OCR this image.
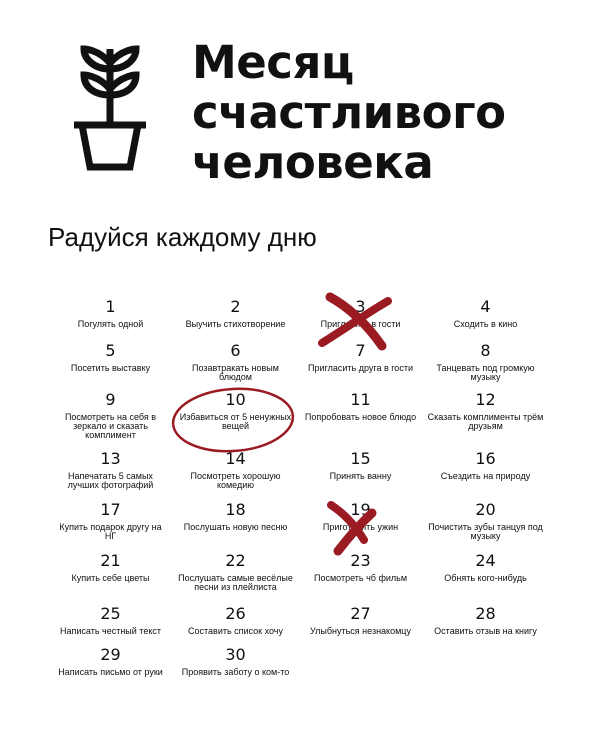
Месяц
счастливого
человека
Радуйся каждому дню
1
Погулять одной
2
Выучить стихотворение
3
Пригласить в гости
4
Сходить в кино
5
Посетить выставку
6
Позавтракать новым блюдом
7
Пригласить друга в гости
8
Танцевать под громкую музыку
9
Посмотреть на себя в зеркало и сказать комплимент
10
Избавиться от 5 ненужных вещей
11
Попробовать новое блюдо
12
Сказать комплименты трём друзьям
13
Напечатать 5 самых лучших фотографий
14
Посмотреть хорошую комедию
15
Принять ванну
16
Съездить на природу
17
Купить подарок другу на НГ
18
Послушать новую песню
19
Приготовить ужин
20
Почистить зубы танцуя под музыку
21
Купить себе цветы
22
Послушать самые весёлые песни из плейлиста
23
Посмотреть чб фильм
24
Обнять кого-нибудь
25
Написать честный текст
26
Составить список хочу
27
Улыбнуться незнакомцу
28
Оставить отзыв на книгу
29
Написать письмо от руки
30
Проявить заботу о ком-то
